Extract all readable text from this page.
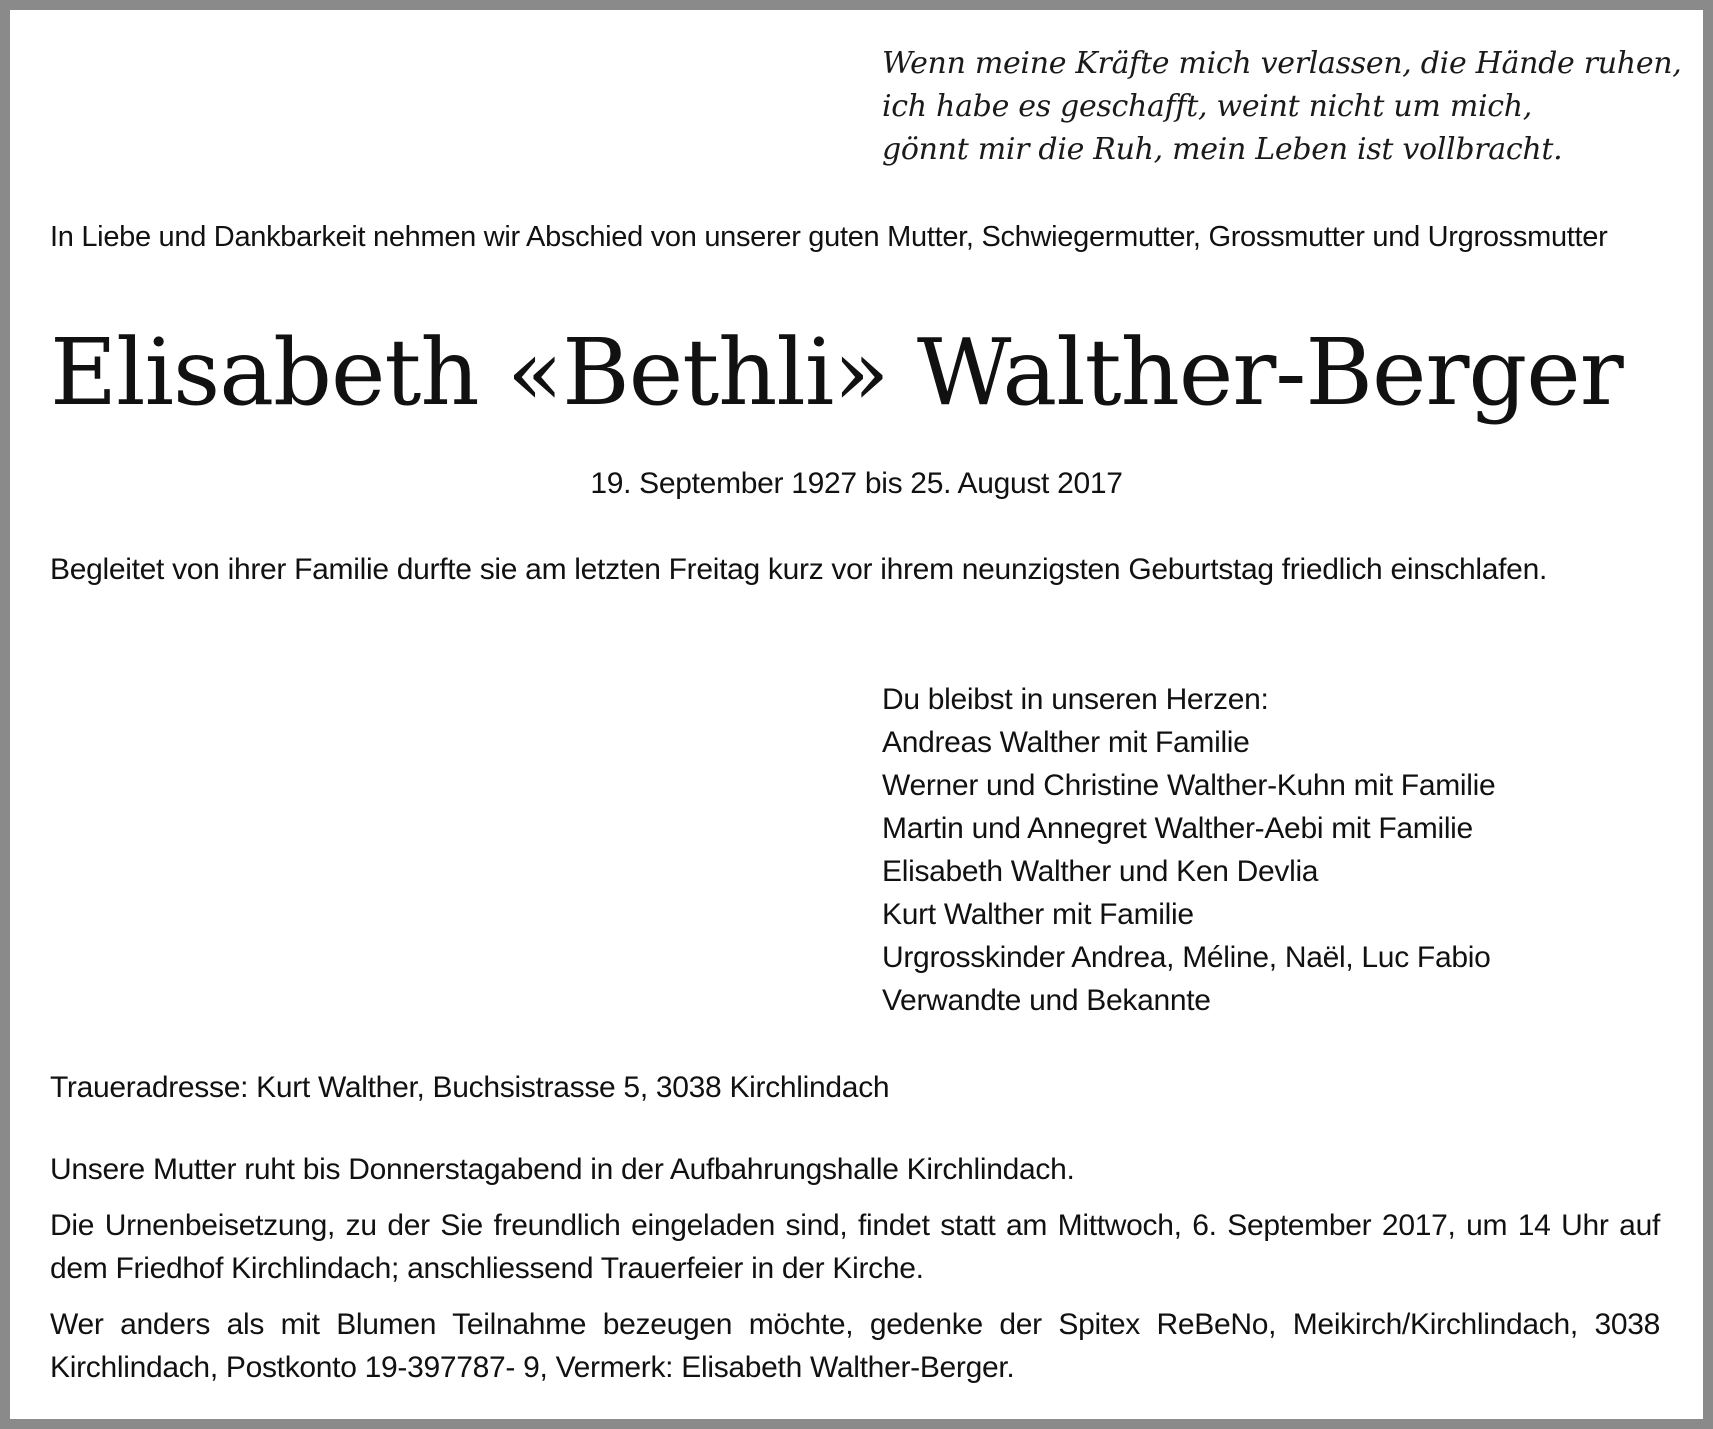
Wenn meine Kräfte mich verlassen, die Hände ruhen,
ich habe es geschafft, weint nicht um mich,
gönnt mir die Ruh, mein Leben ist vollbracht.
In Liebe und Dankbarkeit nehmen wir Abschied von unserer guten Mutter, Schwiegermutter, Grossmutter und Urgrossmutter
Elisabeth «Bethli» Walther-Berger
19. September 1927 bis 25. August 2017
Begleitet von ihrer Familie durfte sie am letzten Freitag kurz vor ihrem neunzigsten Geburtstag friedlich einschlafen.
Du bleibst in unseren Herzen:
Andreas Walther mit Familie
Werner und Christine Walther-Kuhn mit Familie
Martin und Annegret Walther-Aebi mit Familie
Elisabeth Walther und Ken Devlia
Kurt Walther mit Familie
Urgrosskinder Andrea, Méline, Naël, Luc Fabio
Verwandte und Bekannte
Traueradresse: Kurt Walther, Buchsistrasse 5, 3038 Kirchlindach
Unsere Mutter ruht bis Donnerstagabend in der Aufbahrungshalle Kirchlindach.
Die Urnenbeisetzung, zu der Sie freundlich eingeladen sind, findet statt am Mittwoch, 6. September 2017, um 14 Uhr auf dem Friedhof Kirchlindach; anschliessend Trauerfeier in der Kirche.
Wer anders als mit Blumen Teilnahme bezeugen möchte, gedenke der Spitex ReBeNo, Meikirch/Kirchlindach, 3038 Kirchlindach, Postkonto 19-397787- 9, Vermerk: Elisabeth Walther-Berger.
